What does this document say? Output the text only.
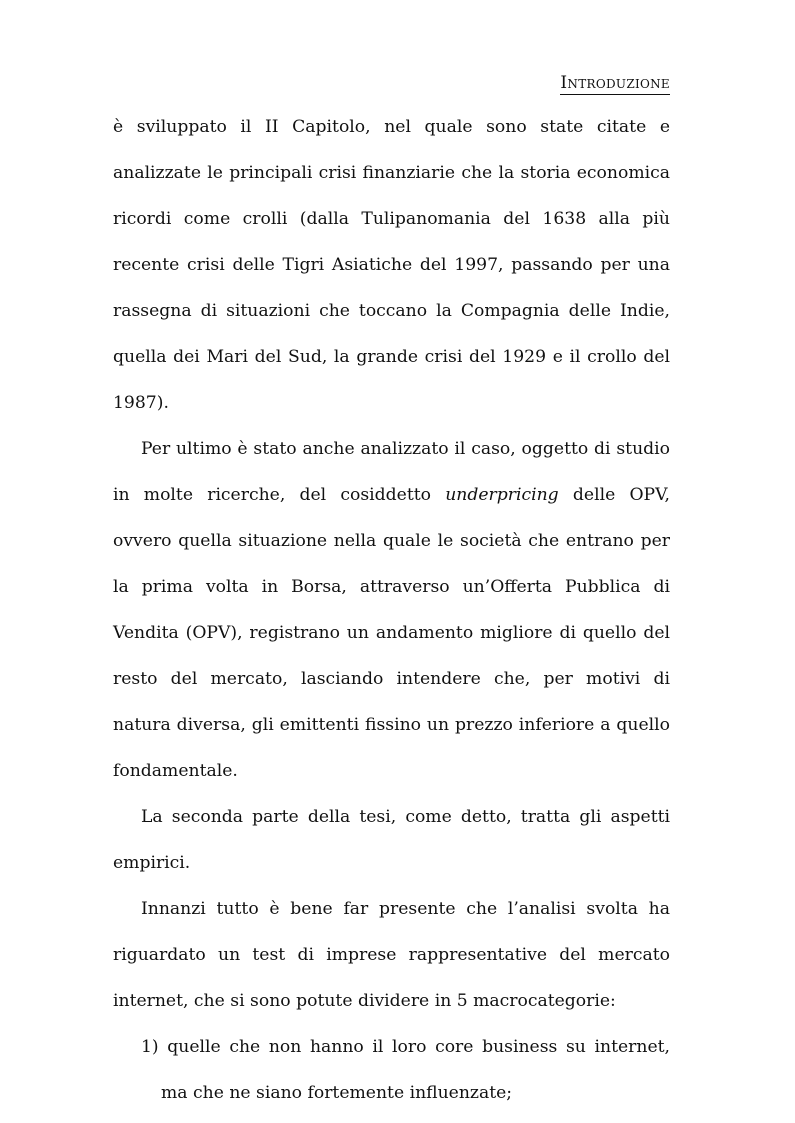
Introduzione

è sviluppato il II Capitolo, nel quale sono state citate e analizzate le principali crisi finanziarie che la storia economica ricordi come crolli (dalla Tulipanomania del 1638 alla più recente crisi delle Tigri Asiatiche del 1997, passando per una rassegna di situazioni che toccano la Compagnia delle Indie, quella dei Mari del Sud, la grande crisi del 1929 e il crollo del 1987).

Per ultimo è stato anche analizzato il caso, oggetto di studio in molte ricerche, del cosiddetto underpricing delle OPV, ovvero quella situazione nella quale le società che entrano per la prima volta in Borsa, attraverso un’Offerta Pubblica di Vendita (OPV), registrano un andamento migliore di quello del resto del mercato, lasciando intendere che, per motivi di natura diversa, gli emittenti fissino un prezzo inferiore a quello fondamentale.

La seconda parte della tesi, come detto, tratta gli aspetti empirici.

Innanzi tutto è bene far presente che l’analisi svolta ha riguardato un test di imprese rappresentative del mercato internet, che si sono potute dividere in 5 macrocategorie:

1) quelle che non hanno il loro core business su internet, ma che ne siano fortemente influenzate;
